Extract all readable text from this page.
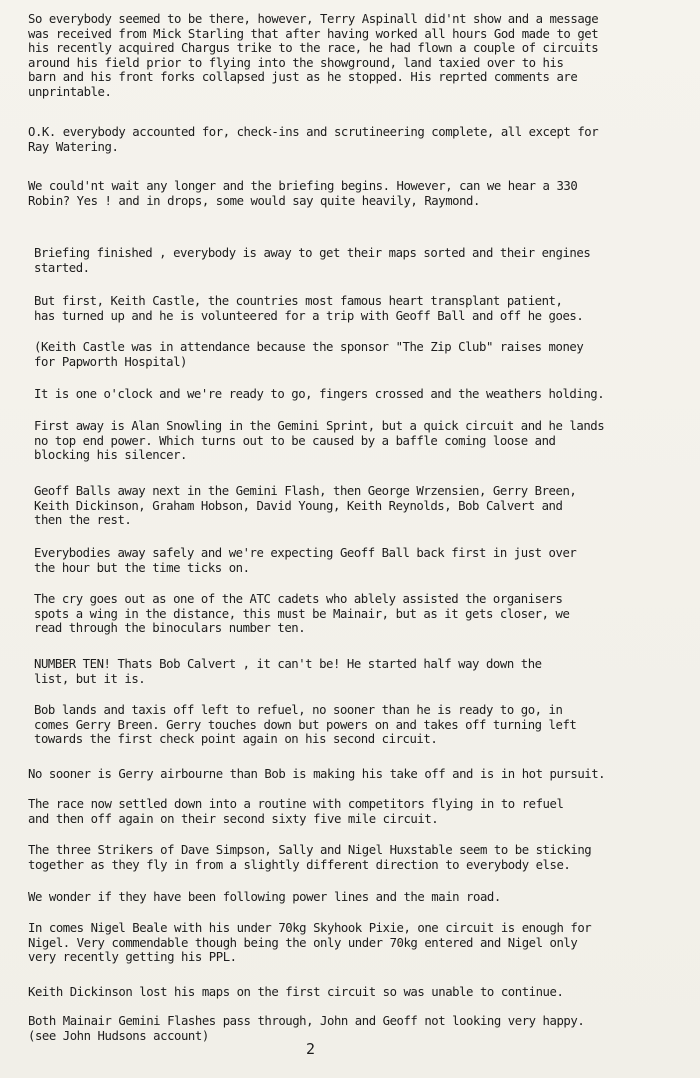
So everybody seemed to be there, however, Terry Aspinall did'nt show and a message
was received from Mick Starling that after having worked all hours God made to get
his recently acquired Chargus trike to the race, he had flown a couple of circuits
around his field prior to flying into the showground, land taxied over to his
barn and his front forks collapsed just as he stopped. His reprted comments are
unprintable.

O.K. everybody accounted for, check-ins and scrutineering complete, all except for
Ray Watering.

We could'nt wait any longer and the briefing begins. However, can we hear a 330
Robin? Yes ! and in drops, some would say quite heavily, Raymond.

Briefing finished , everybody is away to get their maps sorted and their engines
started.

But first, Keith Castle, the countries most famous heart transplant patient,
has turned up and he is volunteered for a trip with Geoff Ball and off he goes.

(Keith Castle was in attendance because the sponsor "The Zip Club" raises money
for Papworth Hospital)

It is one o'clock and we're ready to go, fingers crossed and the weathers holding.

First away is Alan Snowling in the Gemini Sprint, but a quick circuit and he lands
no top end power. Which turns out to be caused by a baffle coming loose and
blocking his silencer.

Geoff Balls away next in the Gemini Flash, then George Wrzensien, Gerry Breen,
Keith Dickinson, Graham Hobson, David Young, Keith Reynolds, Bob Calvert and
then the rest.

Everybodies away safely and we're expecting Geoff Ball back first in just over
the hour but the time ticks on.

The cry goes out as one of the ATC cadets who ablely assisted the organisers
spots a wing in the distance, this must be Mainair, but as it gets closer, we
read through the binoculars number ten.

NUMBER TEN! Thats Bob Calvert , it can't be! He started half way down the
list, but it is.

Bob lands and taxis off left to refuel, no sooner than he is ready to go, in
comes Gerry Breen. Gerry touches down but powers on and takes off turning left
towards the first check point again on his second circuit.

No sooner is Gerry airbourne than Bob is making his take off and is in hot pursuit.

The race now settled down into a routine with competitors flying in to refuel
and then off again on their second sixty five mile circuit.

The three Strikers of Dave Simpson, Sally and Nigel Huxstable seem to be sticking
together as they fly in from a slightly different direction to everybody else.

We wonder if they have been following power lines and the main road.

In comes Nigel Beale with his under 70kg Skyhook Pixie, one circuit is enough for
Nigel. Very commendable though being the only under 70kg entered and Nigel only
very recently getting his PPL.

Keith Dickinson lost his maps on the first circuit so was unable to continue.

Both Mainair Gemini Flashes pass through, John and Geoff not looking very happy.
(see John Hudsons account)

2
